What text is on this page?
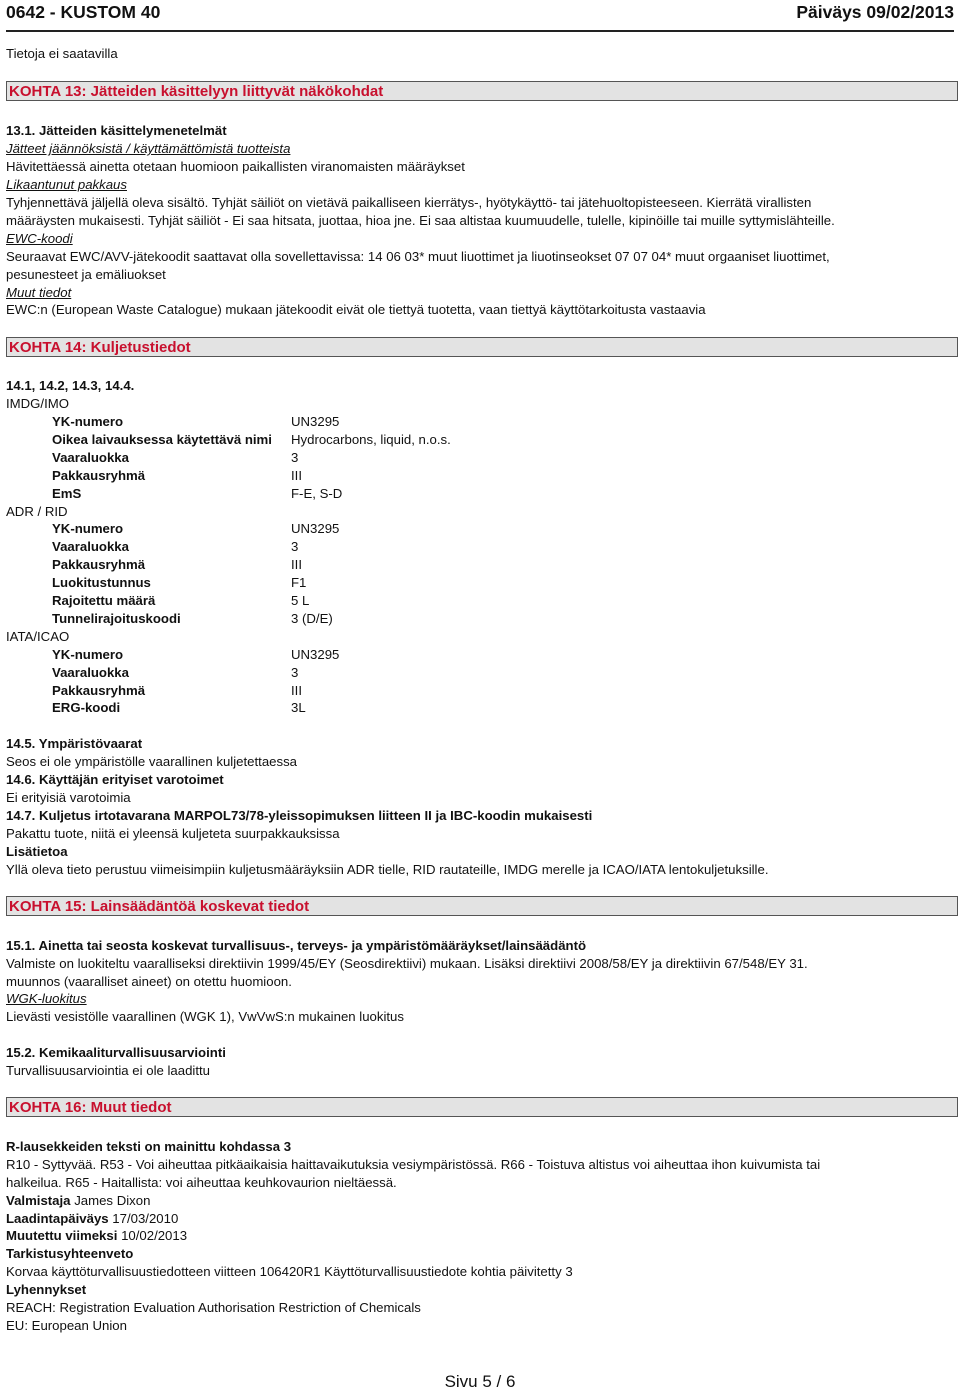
0642 - KUSTOM 40	Päiväys 09/02/2013
Tietoja ei saatavilla
KOHTA 13: Jätteiden käsittelyyn liittyvät näkökohdat
13.1. Jätteiden käsittelymenetelmät
Jätteet jäännöksistä / käyttämättömistä tuotteista
Hävitettäessä ainetta otetaan huomioon paikallisten viranomaisten määräykset
Likaantunut pakkaus
Tyhjennettävä jäljellä oleva sisältö. Tyhjät säiliöt on vietävä paikalliseen kierrätys-, hyötykäyttö- tai jätehuoltopisteeseen. Kierrätä virallisten
määräysten mukaisesti. Tyhjät säiliöt - Ei saa hitsata, juottaa, hioa jne. Ei saa altistaa kuumuudelle, tulelle, kipinöille tai muille syttymislähteille.
EWC-koodi
Seuraavat EWC/AVV-jätekoodit saattavat olla sovellettavissa: 14 06 03* muut liuottimet ja liuotinseokset 07 07 04* muut orgaaniset liuottimet,
pesunesteet ja emäliuokset
Muut tiedot
EWC:n (European Waste Catalogue) mukaan jätekoodit eivät ole tiettyä tuotetta, vaan tiettyä käyttötarkoitusta vastaavia
KOHTA 14: Kuljetustiedot
14.1, 14.2, 14.3, 14.4.
IMDG/IMO
YK-numero	UN3295
Oikea laivauksessa käytettävä nimi Hydrocarbons, liquid, n.o.s.
Vaaraluokka	3
Pakkausryhmä	III
EmS	F-E, S-D
ADR / RID
YK-numero	UN3295
Vaaraluokka	3
Pakkausryhmä	III
Luokitustunnus	F1
Rajoitettu määrä	5 L
Tunnelirajoituskoodi	3 (D/E)
IATA/ICAO
YK-numero	UN3295
Vaaraluokka	3
Pakkausryhmä	III
ERG-koodi	3L
14.5. Ympäristövaarat
Seos ei ole ympäristölle vaarallinen kuljetettaessa
14.6. Käyttäjän erityiset varotoimet
Ei erityisiä varotoimia
14.7. Kuljetus irtotavarana MARPOL73/78-yleissopimuksen liitteen II ja IBC-koodin mukaisesti
Pakattu tuote, niitä ei yleensä kuljeteta suurpakkauksissa
Lisätietoa
Yllä oleva tieto perustuu viimeisimpiin kuljetusmääräyksiin ADR tielle, RID rautateille, IMDG merelle ja ICAO/IATA lentokuljetuksille.
KOHTA 15: Lainsäädäntöä koskevat tiedot
15.1. Ainetta tai seosta koskevat turvallisuus-, terveys- ja ympäristömääräykset/lainsäädäntö
Valmiste on luokiteltu vaaralliseksi direktiivin 1999/45/EY (Seosdirektiivi) mukaan. Lisäksi direktiivi 2008/58/EY ja direktiivin 67/548/EY 31.
muunnos (vaaralliset aineet) on otettu huomioon.
WGK-luokitus
Lievästi vesistölle vaarallinen (WGK 1), VwVwS:n mukainen luokitus
15.2. Kemikaaliturvallisuusarviointi
Turvallisuusarviointia ei ole laadittu
KOHTA 16: Muut tiedot
R-lausekkeiden teksti on mainittu kohdassa 3
R10 - Syttyvää. R53 - Voi aiheuttaa pitkäaikaisia haittavaikutuksia vesiympäristössä. R66 - Toistuva altistus voi aiheuttaa ihon kuivumista tai
halkeilua. R65 - Haitallista: voi aiheuttaa keuhkovaurion nieltäessä.
Valmistaja James Dixon
Laadintapäiväys 17/03/2010
Muutettu viimeksi 10/02/2013
Tarkistusyhteenveto
Korvaa käyttöturvallisuustiedotteen viitteen 106420R1 Käyttöturvallisuustiedote kohtia päivitetty 3
Lyhennykset
REACH: Registration Evaluation Authorisation Restriction of Chemicals
EU: European Union
Sivu 5 / 6
